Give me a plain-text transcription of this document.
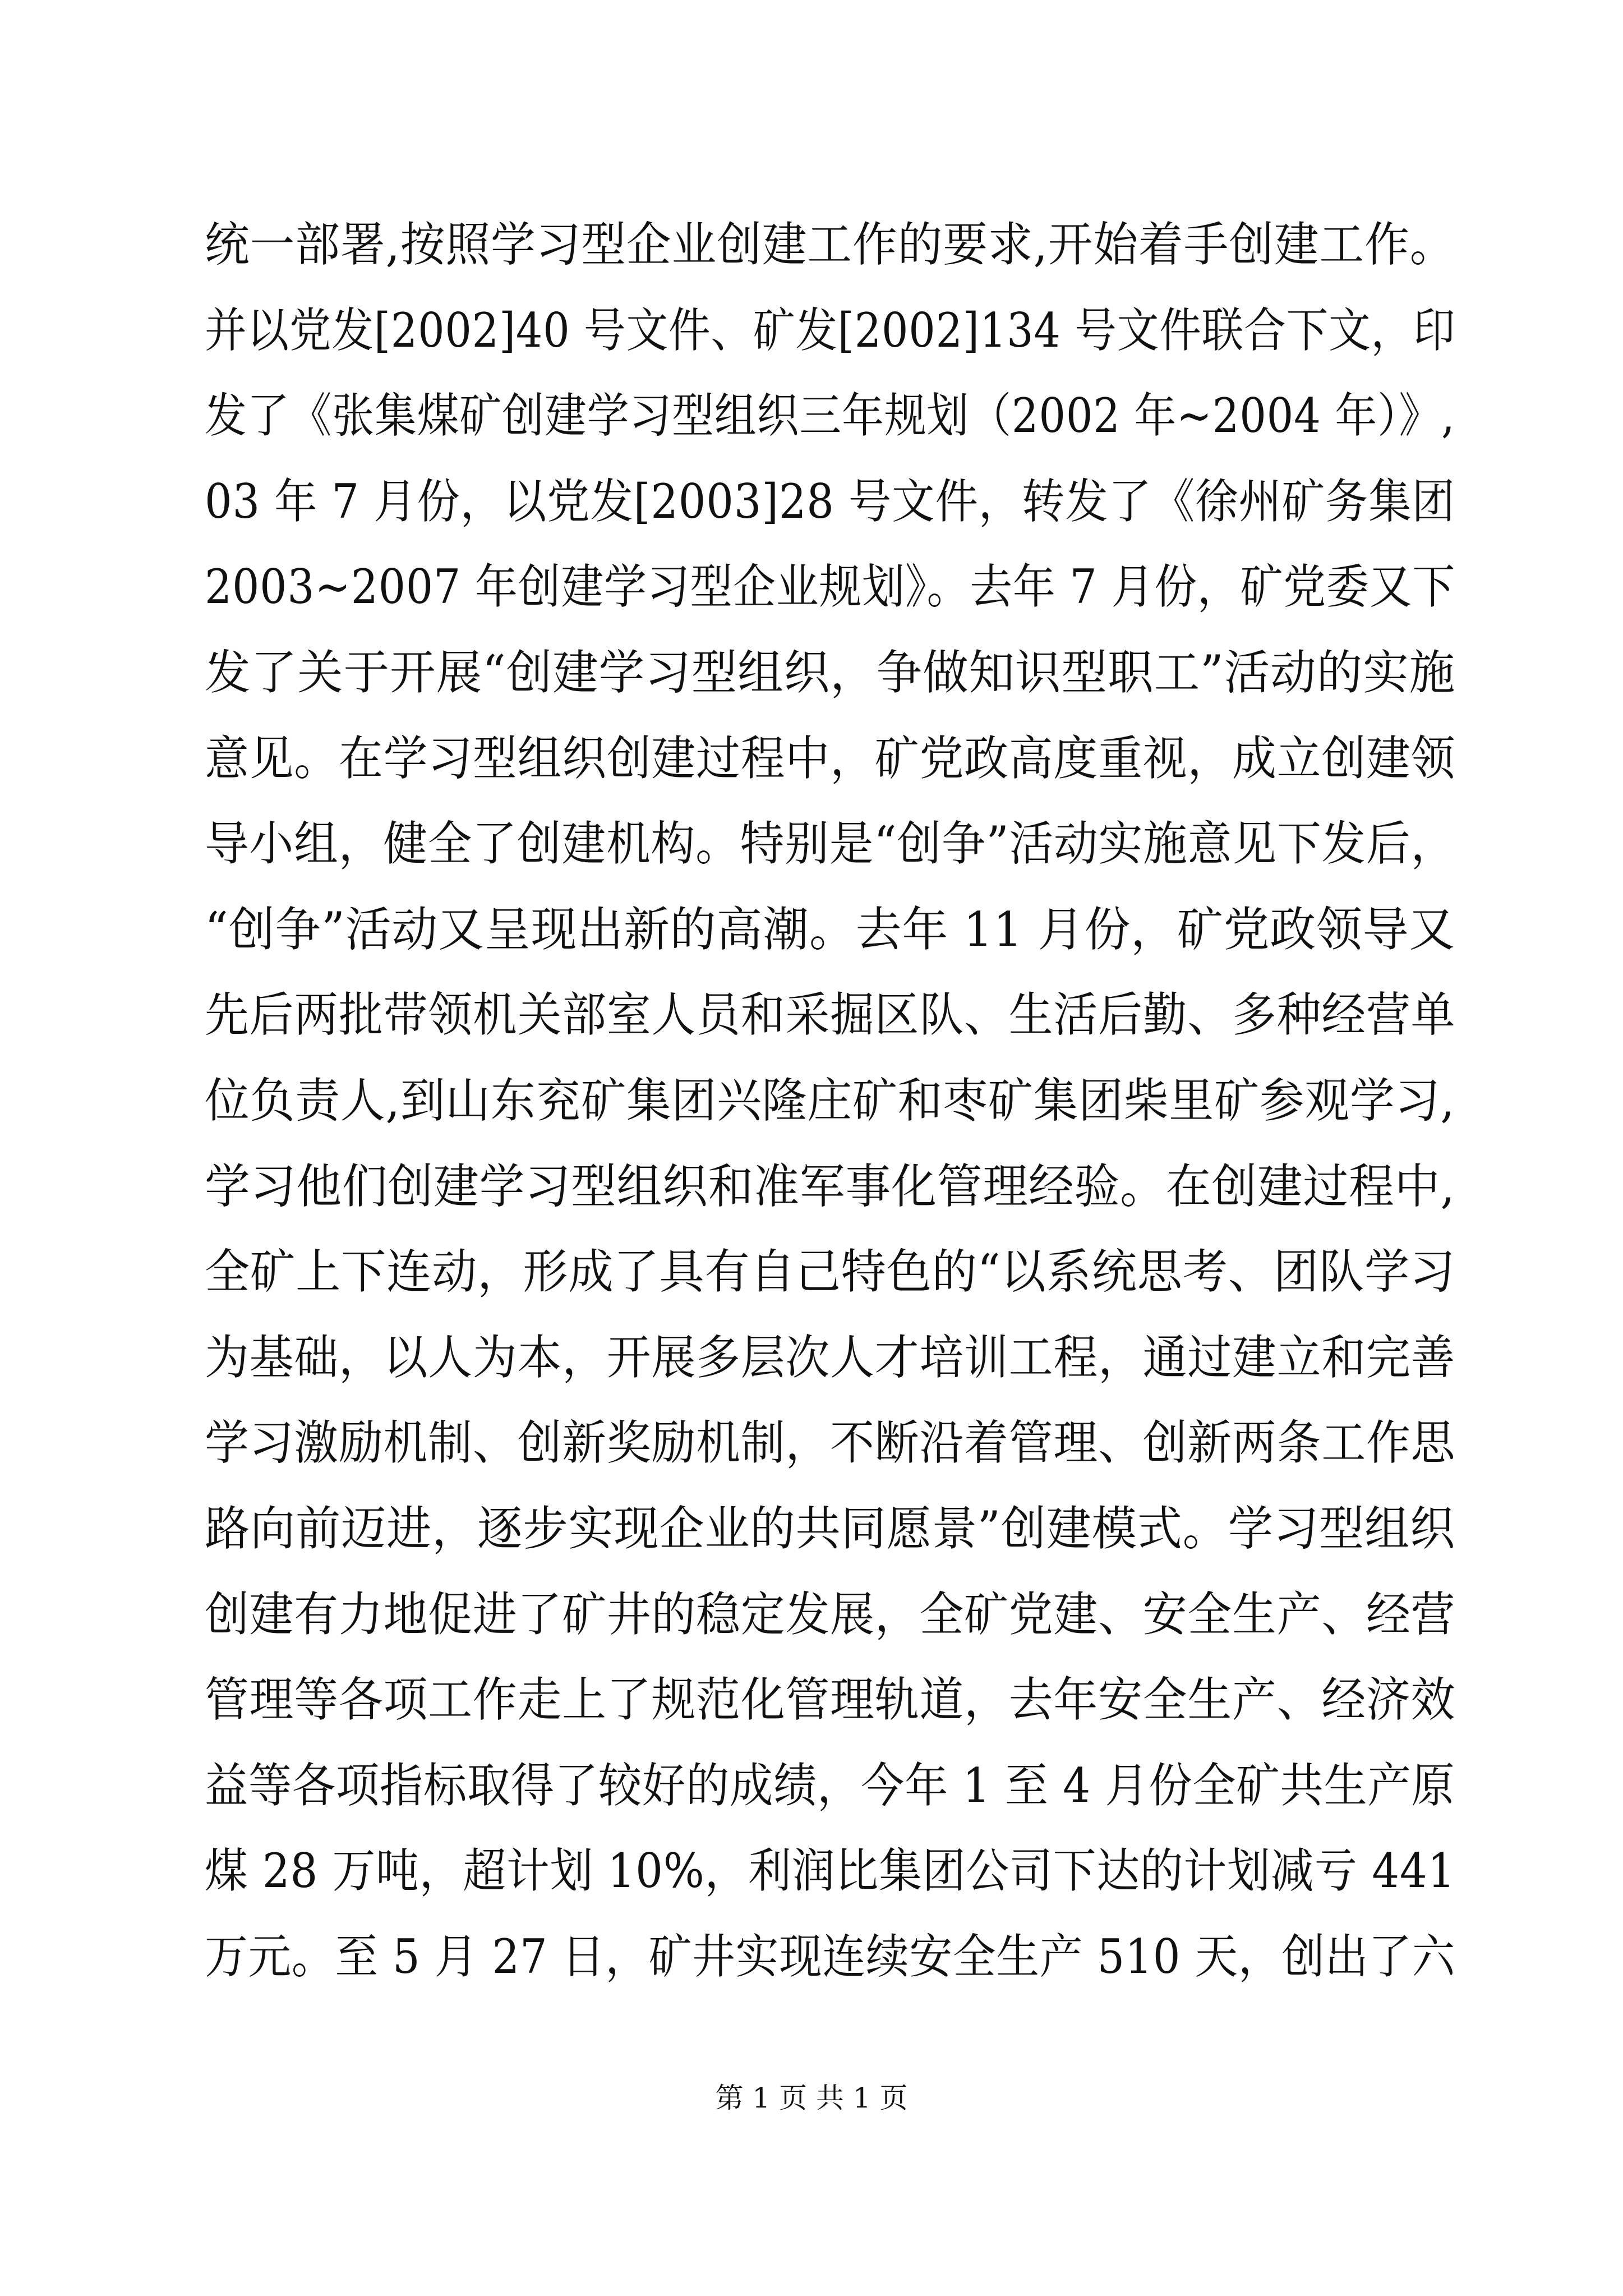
统一部署,按照学习型企业创建工作的要求,开始着手创建工作。
并以党发[2002]40 号文件、矿发[2002]134 号文件联合下文，印
发了《张集煤矿创建学习型组织三年规划（2002 年~2004 年）》,
03 年 7 月份，以党发[2003]28 号文件，转发了《徐州矿务集团
2003~2007 年创建学习型企业规划》。去年 7 月份，矿党委又下
发了关于开展“创建学习型组织，争做知识型职工”活动的实施
意见。在学习型组织创建过程中，矿党政高度重视，成立创建领
导小组，健全了创建机构。特别是“创争”活动实施意见下发后，
“创争”活动又呈现出新的高潮。去年 11 月份，矿党政领导又
先后两批带领机关部室人员和采掘区队、生活后勤、多种经营单
位负责人,到山东兖矿集团兴隆庄矿和枣矿集团柴里矿参观学习,
学习他们创建学习型组织和准军事化管理经验。在创建过程中,
全矿上下连动，形成了具有自己特色的“以系统思考、团队学习
为基础，以人为本，开展多层次人才培训工程，通过建立和完善
学习激励机制、创新奖励机制，不断沿着管理、创新两条工作思
路向前迈进，逐步实现企业的共同愿景”创建模式。学习型组织
创建有力地促进了矿井的稳定发展，全矿党建、安全生产、经营
管理等各项工作走上了规范化管理轨道，去年安全生产、经济效
益等各项指标取得了较好的成绩，今年 1 至 4 月份全矿共生产原
煤 28 万吨，超计划 10%，利润比集团公司下达的计划减亏 441
万元。至 5 月 27 日，矿井实现连续安全生产 510 天，创出了六
第 1 页 共 1 页
